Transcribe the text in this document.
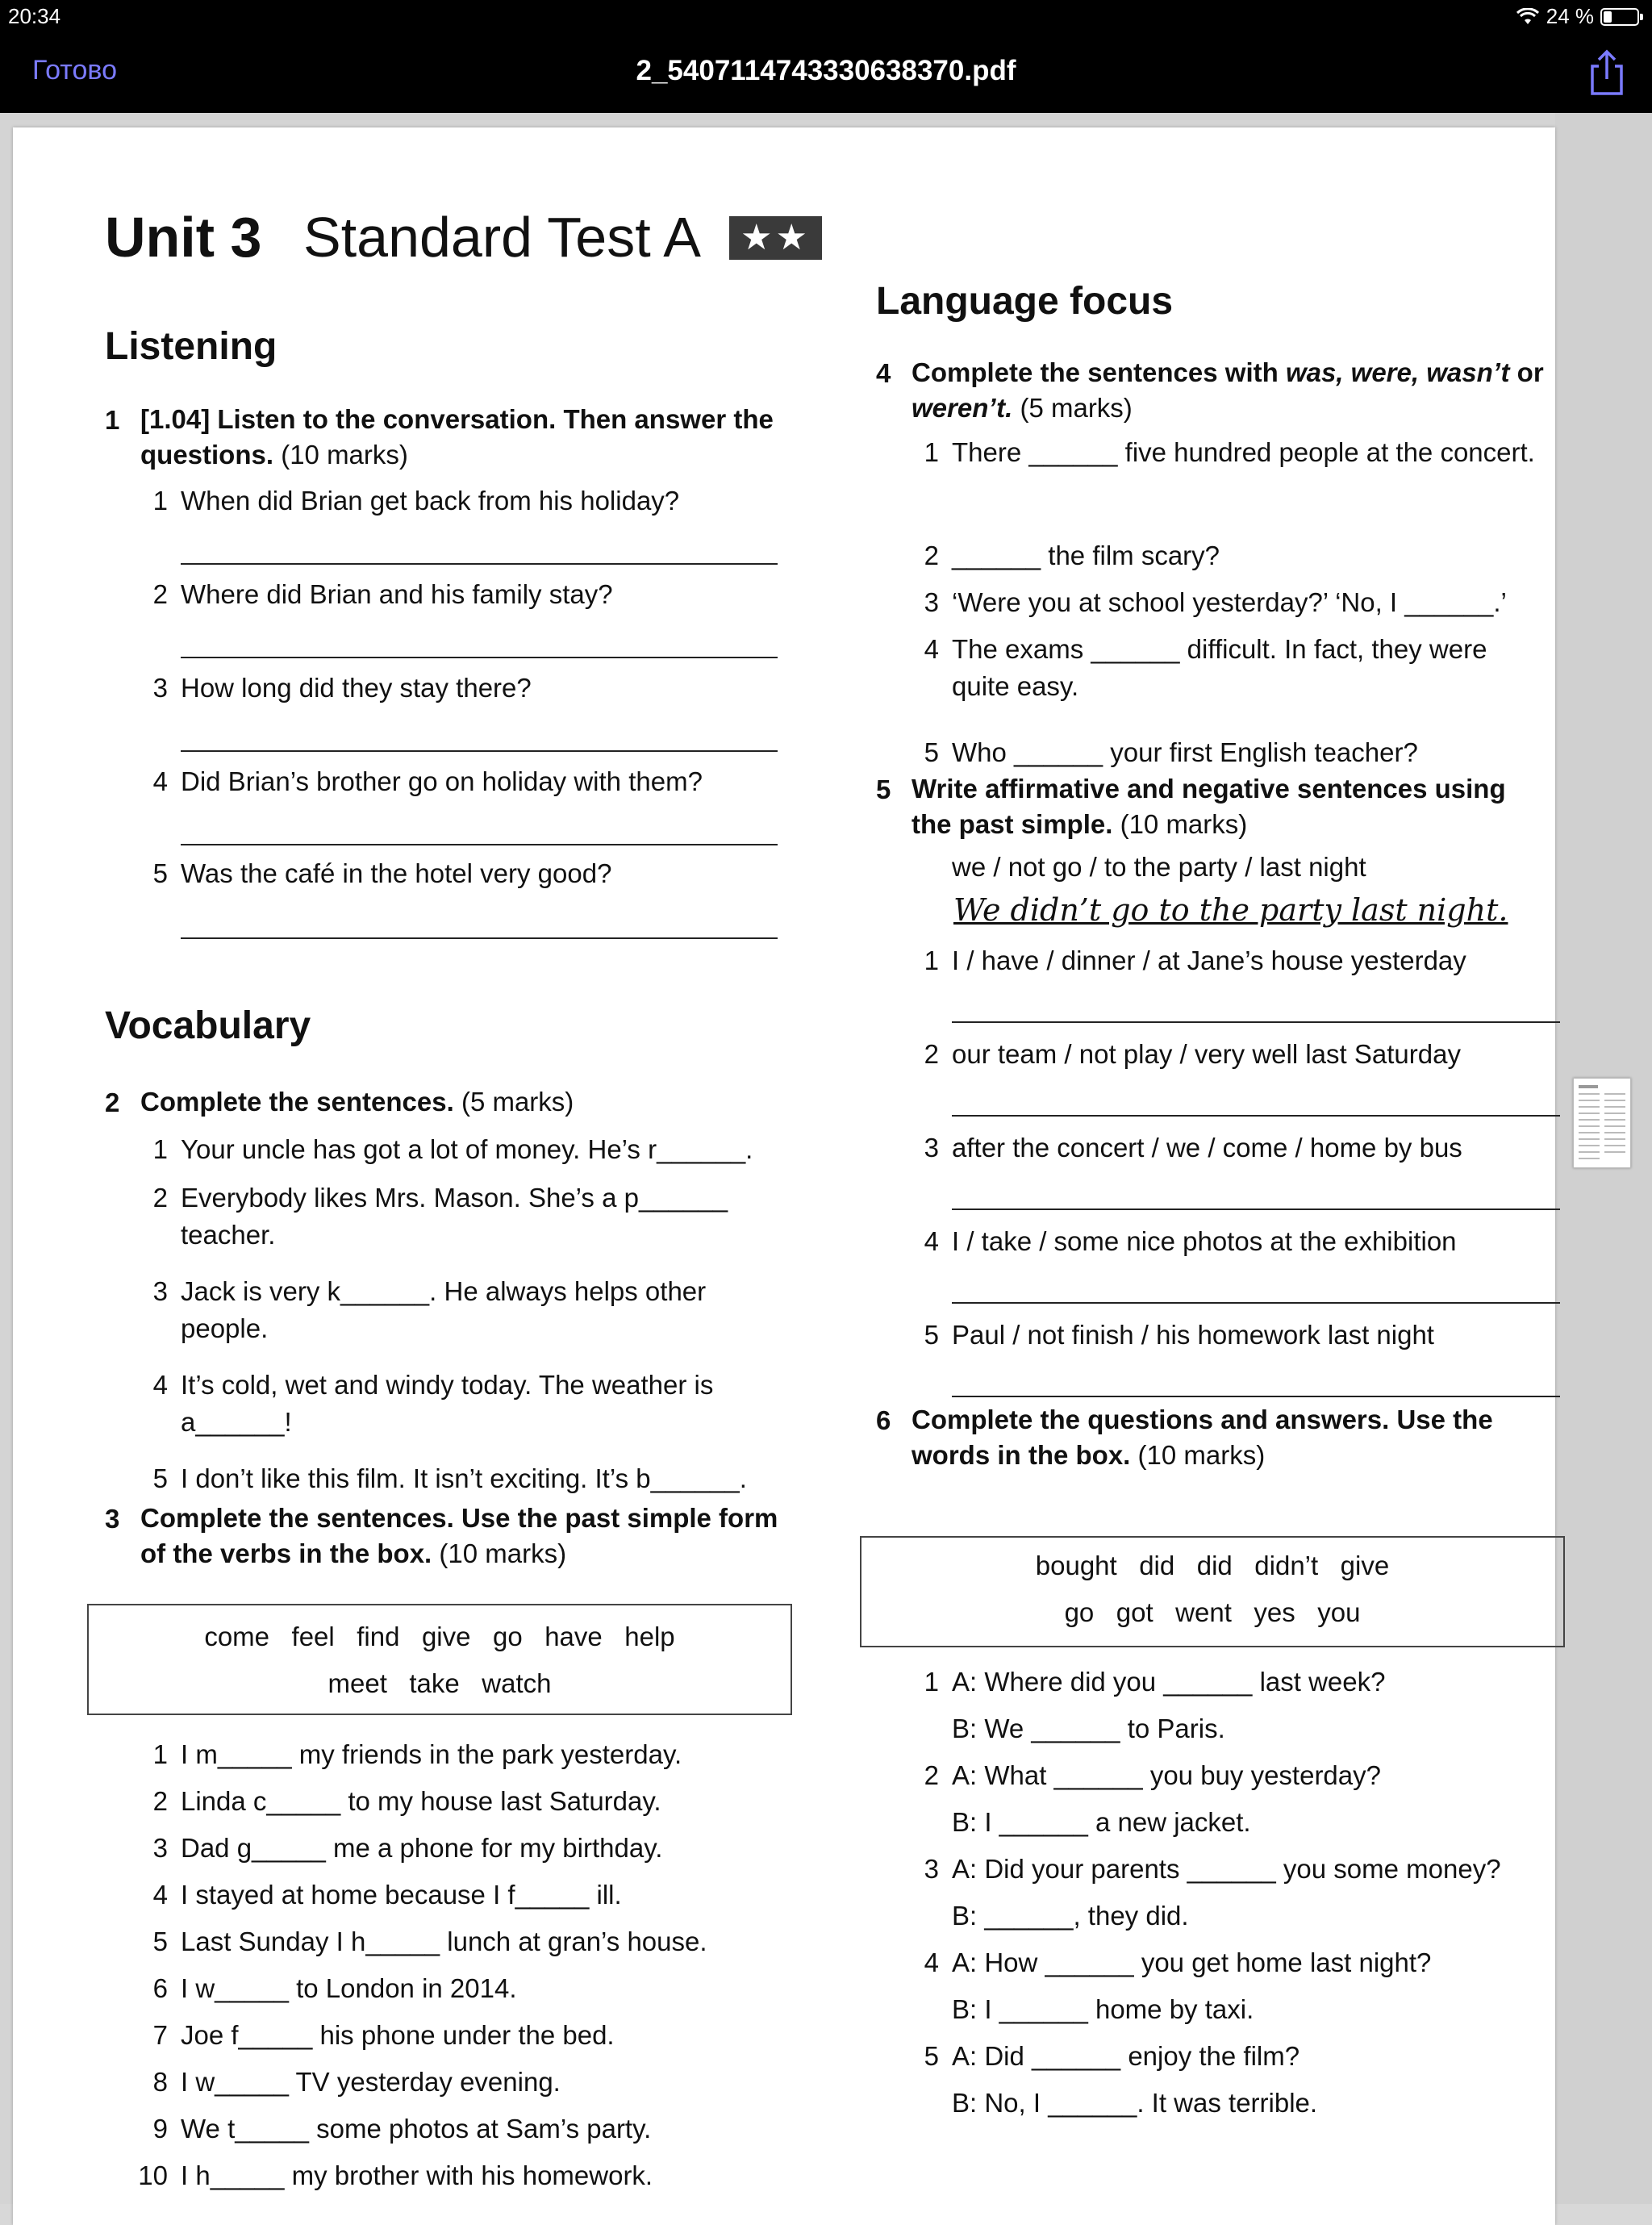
20:34	24 %
Готово	2_5407114743330638370.pdf
Unit 3 Standard Test A	★★
Listening
1 [1.04] Listen to the conversation. Then answer the questions. (10 marks)
Vocabulary
2 Complete the sentences. (5 marks)
3 Complete the sentences. Use the past simple form of the verbs in the box. (10 marks)
come   feel   find   give   go   have   help
meet   take   watch
Language focus
4 Complete the sentences with was, were, wasn’t or weren’t. (5 marks)
5 Write affirmative and negative sentences using the past simple. (10 marks)
we / not go / to the party / last night
We didn’t go to the party last night.
6 Complete the questions and answers. Use the words in the box. (10 marks)
bought   did   did   didn’t   give
go   got   went   yes   you
1 When did Brian get back from his holiday?
2 Where did Brian and his family stay?
3 How long did they stay there?
4 Did Brian’s brother go on holiday with them?
5 Was the café in the hotel very good?
1 Your uncle has got a lot of money. He’s r______.
2 Everybody likes Mrs. Mason. She’s a p______ teacher.
3 Jack is very k______. He always helps other people.
4 It’s cold, wet and windy today. The weather is a______!
5 I don’t like this film. It isn’t exciting. It’s b______.
1 I m_____ my friends in the park yesterday.
2 Linda c_____ to my house last Saturday.
3 Dad g_____ me a phone for my birthday.
4 I stayed at home because I f_____ ill.
5 Last Sunday I h_____ lunch at gran’s house.
6 I w_____ to London in 2014.
7 Joe f_____ his phone under the bed.
8 I w_____ TV yesterday evening.
9 We t_____ some photos at Sam’s party.
10 I h_____ my brother with his homework.
1 There ______ five hundred people at the concert.
2 ______ the film scary?
3 ‘Were you at school yesterday?’ ‘No, I ______.’
4 The exams ______ difficult. In fact, they were quite easy.
5 Who ______ your first English teacher?
1 I / have / dinner / at Jane’s house yesterday
2 our team / not play / very well last Saturday
3 after the concert / we / come / home by bus
4 I / take / some nice photos at the exhibition
5 Paul / not finish / his homework last night
1 A: Where did you ______ last week?
B: We ______ to Paris.
2 A: What ______ you buy yesterday?
B: I ______ a new jacket.
3 A: Did your parents ______ you some money?
B: ______, they did.
4 A: How ______ you get home last night?
B: I ______ home by taxi.
5 A: Did ______ enjoy the film?
B: No, I ______. It was terrible.
